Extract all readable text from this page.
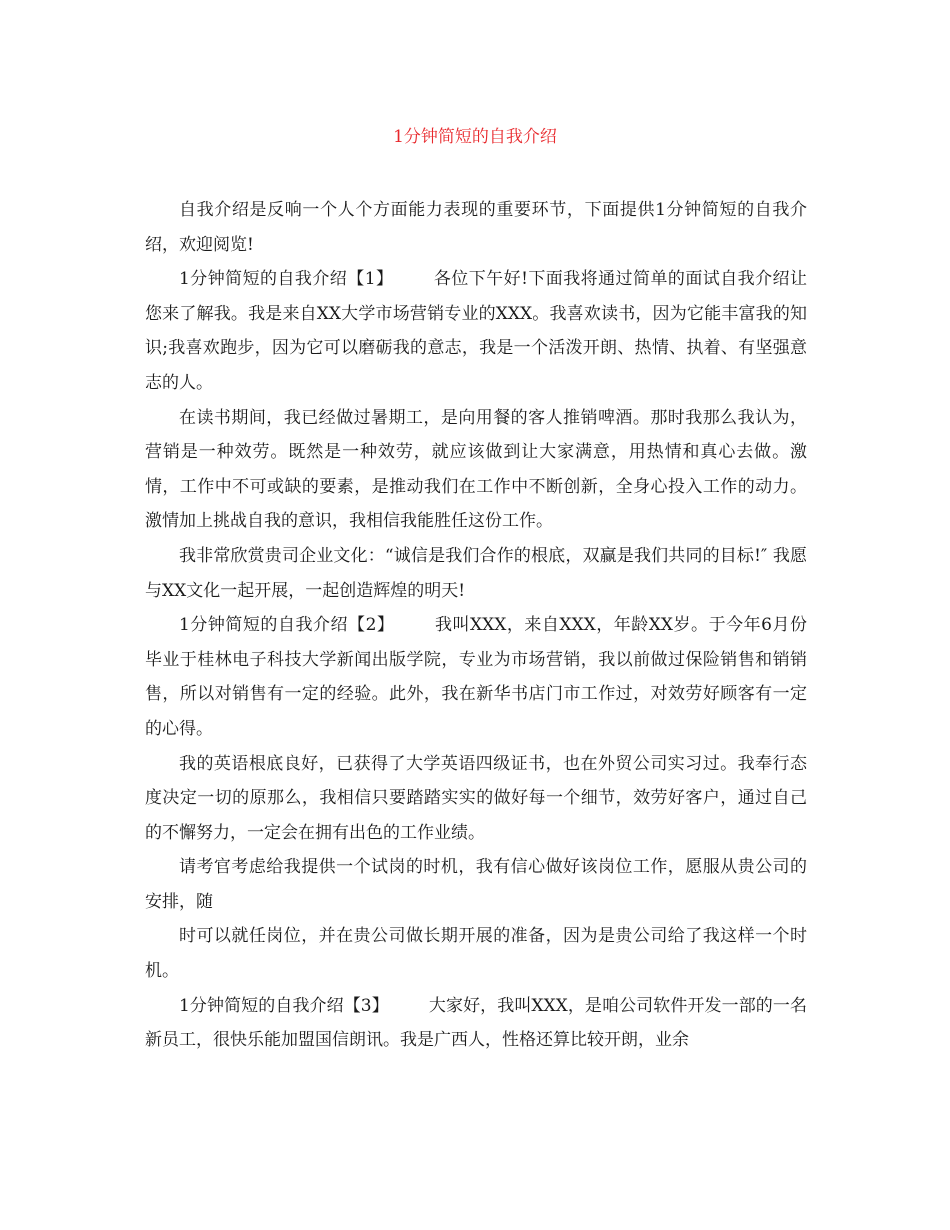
1分钟简短的自我介绍

自我介绍是反响一个人个方面能力表现的重要环节，下面提供1分钟简短的自我介绍，欢迎阅览!

1分钟简短的自我介绍【1】 各位下午好!下面我将通过简单的面试自我介绍让您来了解我。我是来自XX大学市场营销专业的XXX。我喜欢读书，因为它能丰富我的知识;我喜欢跑步，因为它可以磨砺我的意志，我是一个活泼开朗、热情、执着、有坚强意志的人。

在读书期间，我已经做过暑期工，是向用餐的客人推销啤酒。那时我那么我认为，营销是一种效劳。既然是一种效劳，就应该做到让大家满意，用热情和真心去做。激情，工作中不可或缺的要素，是推动我们在工作中不断创新，全身心投入工作的动力。激情加上挑战自我的意识，我相信我能胜任这份工作。

我非常欣赏贵司企业文化：“诚信是我们合作的根底，双赢是我们共同的目标!″ 我愿与XX文化一起开展，一起创造辉煌的明天!

1分钟简短的自我介绍【2】 我叫XXX，来自XXX，年龄XX岁。于今年6月份毕业于桂林电子科技大学新闻出版学院，专业为市场营销，我以前做过保险销售和销销售，所以对销售有一定的经验。此外，我在新华书店门市工作过，对效劳好顾客有一定的心得。

我的英语根底良好，已获得了大学英语四级证书，也在外贸公司实习过。我奉行态度决定一切的原那么，我相信只要踏踏实实的做好每一个细节，效劳好客户，通过自己的不懈努力，一定会在拥有出色的工作业绩。

请考官考虑给我提供一个试岗的时机，我有信心做好该岗位工作，愿服从贵公司的安排，随

时可以就任岗位，并在贵公司做长期开展的准备，因为是贵公司给了我这样一个时机。

1分钟简短的自我介绍【3】 大家好，我叫XXX，是咱公司软件开发一部的一名新员工，很快乐能加盟国信朗讯。我是广西人，性格还算比较开朗，业余
